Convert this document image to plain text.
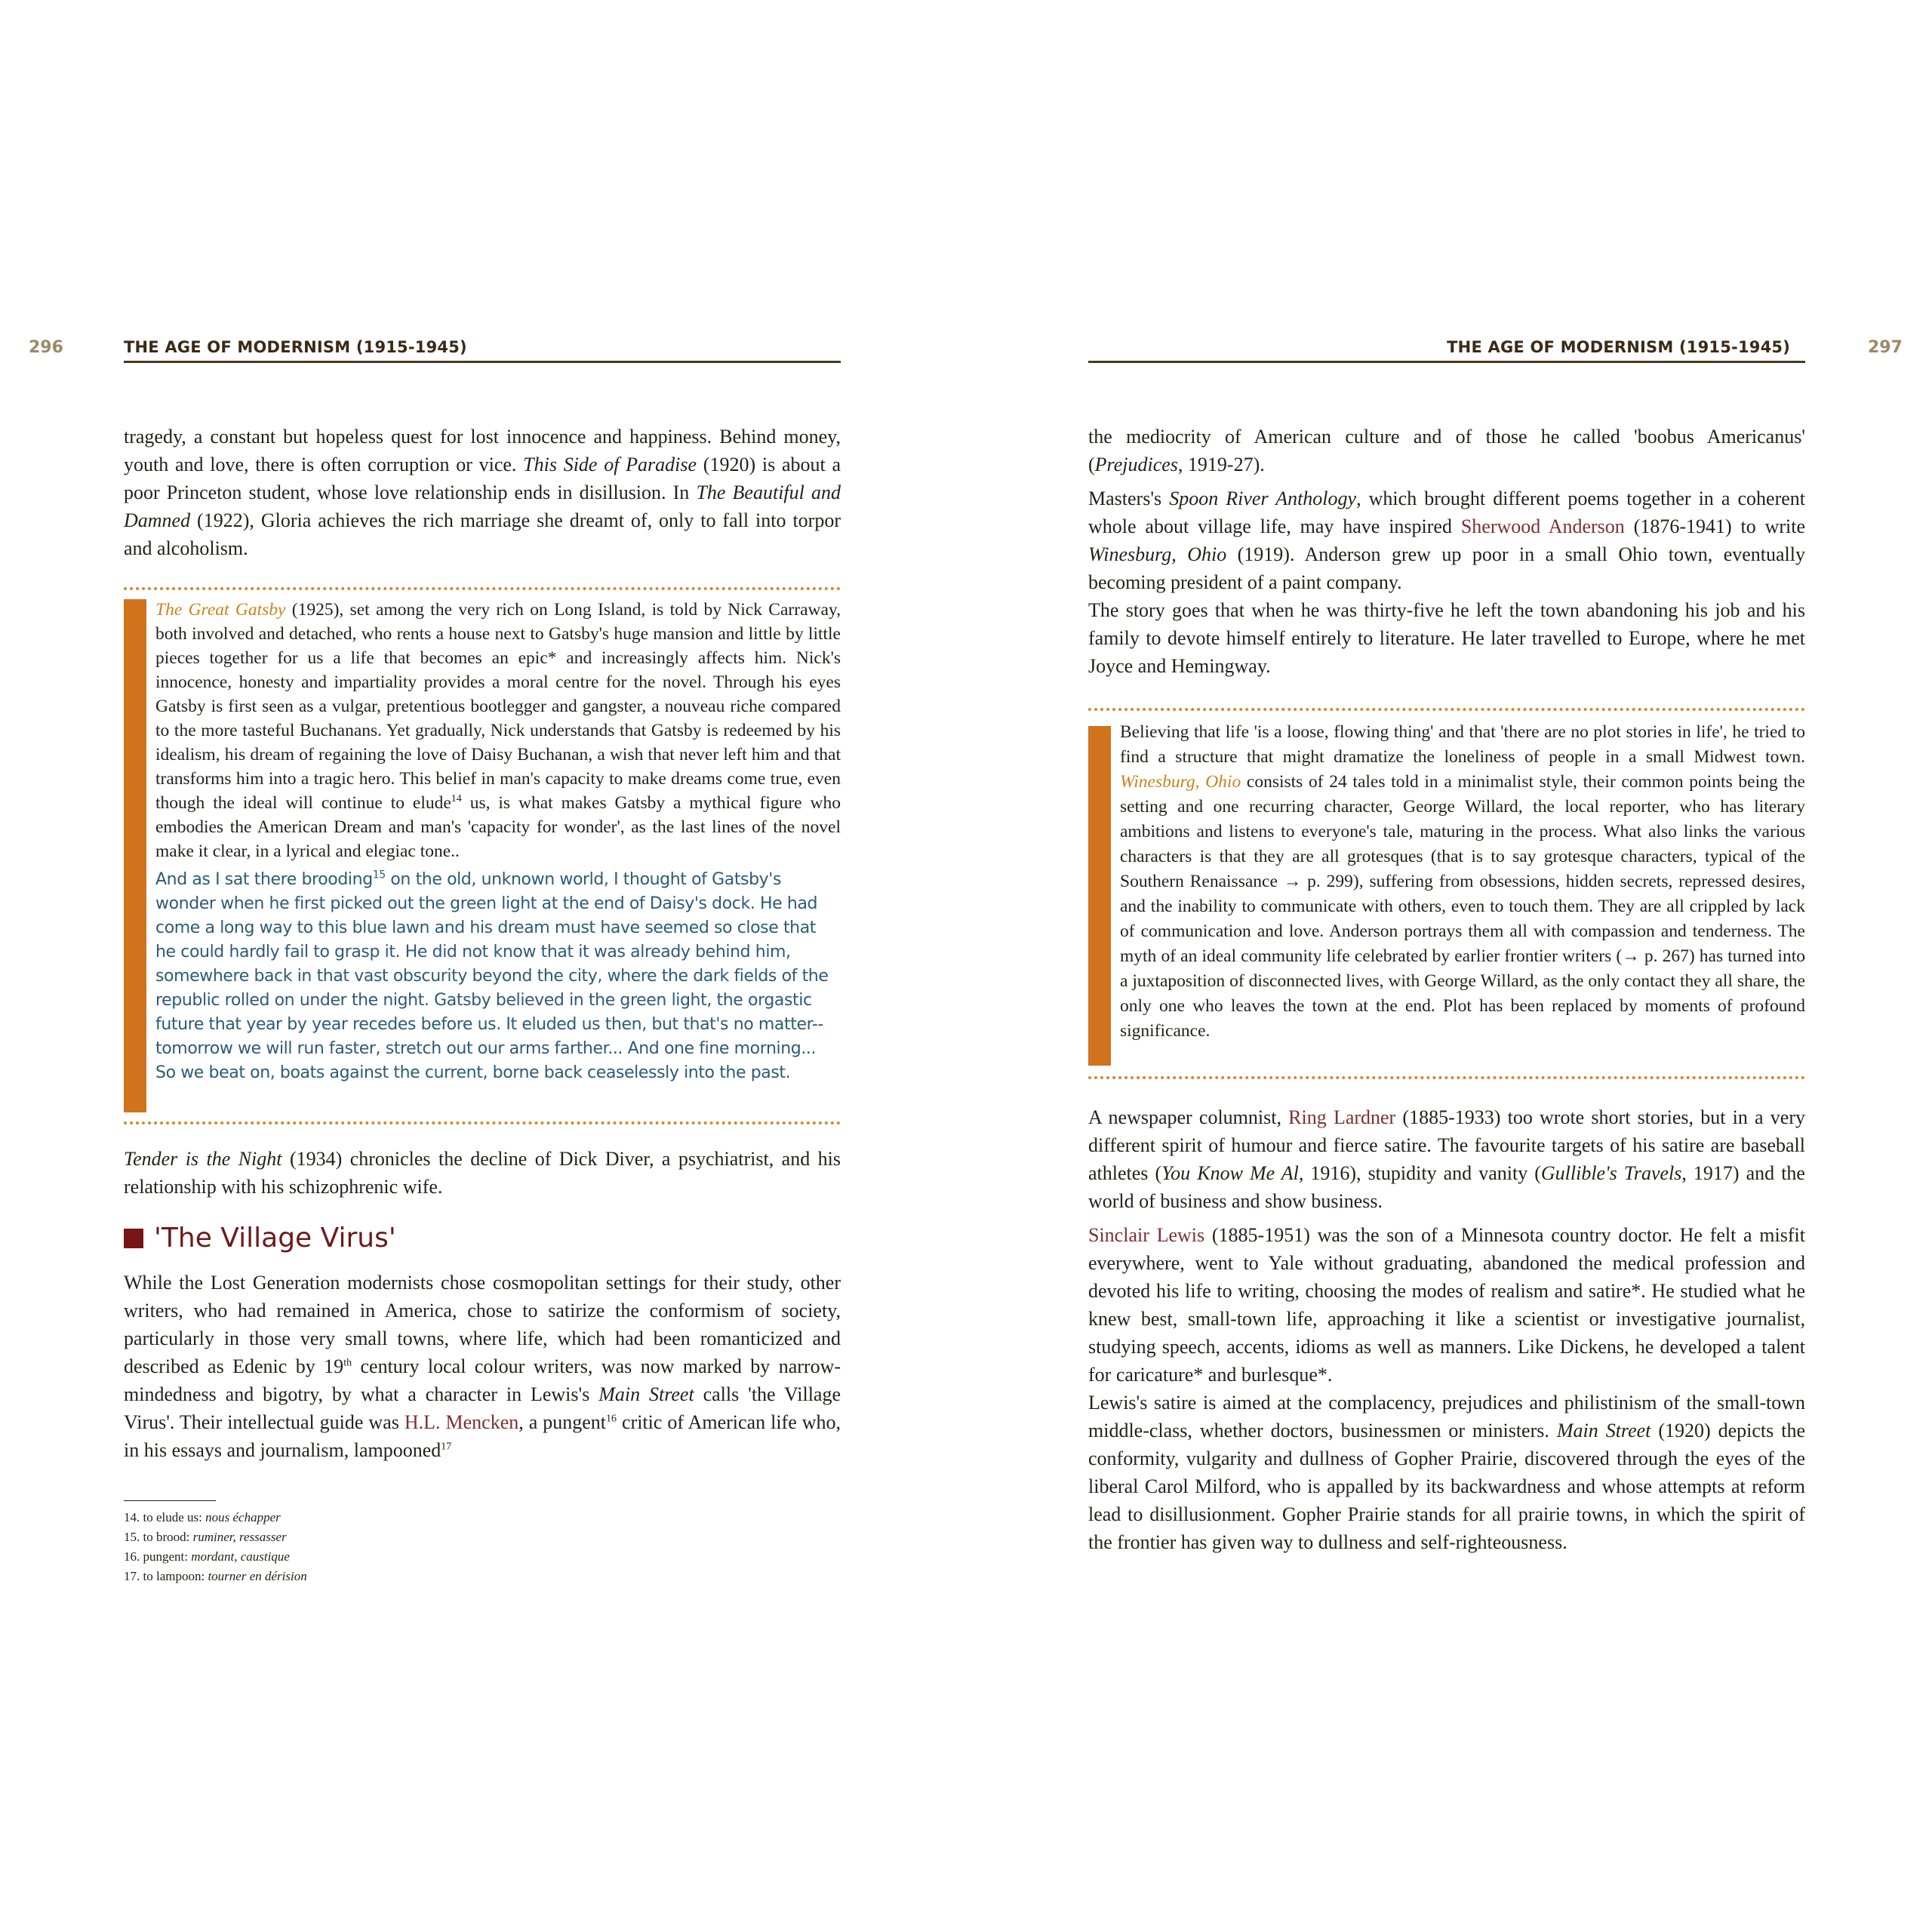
296	THE AGE OF MODERNISM (1915-1945)

tragedy, a constant but hopeless quest for lost innocence and happiness. Behind money, youth and love, there is often corruption or vice. This Side of Paradise (1920) is about a poor Princeton student, whose love relationship ends in disillusion. In The Beautiful and Damned (1922), Gloria achieves the rich marriage she dreamt of, only to fall into torpor and alcoholism.

The Great Gatsby (1925), set among the very rich on Long Island, is told by Nick Carraway, both involved and detached, who rents a house next to Gatsby's huge mansion and little by little pieces together for us a life that becomes an epic* and increasingly affects him. Nick's innocence, honesty and impartiality provides a moral centre for the novel. Through his eyes Gatsby is first seen as a vulgar, pretentious bootlegger and gangster, a nouveau riche compared to the more tasteful Buchanans. Yet gradually, Nick understands that Gatsby is redeemed by his idealism, his dream of regaining the love of Daisy Buchanan, a wish that never left him and that transforms him into a tragic hero. This belief in man's capacity to make dreams come true, even though the ideal will continue to elude$^{14}$ us, is what makes Gatsby a mythical figure who embodies the American Dream and man's 'capacity for wonder', as the last lines of the novel make it clear, in a lyrical and elegiac tone..

And as I sat there brooding$^{15}$ on the old, unknown world, I thought of Gatsby's wonder when he first picked out the green light at the end of Daisy's dock. He had come a long way to this blue lawn and his dream must have seemed so close that he could hardly fail to grasp it. He did not know that it was already behind him, somewhere back in that vast obscurity beyond the city, where the dark fields of the republic rolled on under the night. Gatsby believed in the green light, the orgastic future that year by year recedes before us. It eluded us then, but that's no matter--tomorrow we will run faster, stretch out our arms farther... And one fine morning...
So we beat on, boats against the current, borne back ceaselessly into the past.

Tender is the Night (1934) chronicles the decline of Dick Diver, a psychiatrist, and his relationship with his schizophrenic wife.

'The Village Virus'

While the Lost Generation modernists chose cosmopolitan settings for their study, other writers, who had remained in America, chose to satirize the conformism of society, particularly in those very small towns, where life, which had been romanticized and described as Edenic by 19th century local colour writers, was now marked by narrow-mindedness and bigotry, by what a character in Lewis's Main Street calls 'the Village Virus'. Their intellectual guide was H.L. Mencken, a pungent$^{16}$ critic of American life who, in his essays and journalism, lampooned$^{17}$

14. to elude us: nous échapper
15. to brood: ruminer, ressasser
16. pungent: mordant, caustique
17. to lampoon: tourner en dérision
THE AGE OF MODERNISM (1915-1945)	297

the mediocrity of American culture and of those he called 'boobus Americanus' (Prejudices, 1919-27).

Masters's Spoon River Anthology, which brought different poems together in a coherent whole about village life, may have inspired Sherwood Anderson (1876-1941) to write Winesburg, Ohio (1919). Anderson grew up poor in a small Ohio town, eventually becoming president of a paint company.

The story goes that when he was thirty-five he left the town abandoning his job and his family to devote himself entirely to literature. He later travelled to Europe, where he met Joyce and Hemingway.

Believing that life 'is a loose, flowing thing' and that 'there are no plot stories in life', he tried to find a structure that might dramatize the loneliness of people in a small Midwest town. Winesburg, Ohio consists of 24 tales told in a minimalist style, their common points being the setting and one recurring character, George Willard, the local reporter, who has literary ambitions and listens to everyone's tale, maturing in the process. What also links the various characters is that they are all grotesques (that is to say grotesque characters, typical of the Southern Renaissance → p. 299), suffering from obsessions, hidden secrets, repressed desires, and the inability to communicate with others, even to touch them. They are all crippled by lack of communication and love. Anderson portrays them all with compassion and tenderness. The myth of an ideal community life celebrated by earlier frontier writers (→ p. 267) has turned into a juxtaposition of disconnected lives, with George Willard, as the only contact they all share, the only one who leaves the town at the end. Plot has been replaced by moments of profound significance.

A newspaper columnist, Ring Lardner (1885-1933) too wrote short stories, but in a very different spirit of humour and fierce satire. The favourite targets of his satire are baseball athletes (You Know Me Al, 1916), stupidity and vanity (Gullible's Travels, 1917) and the world of business and show business.

Sinclair Lewis (1885-1951) was the son of a Minnesota country doctor. He felt a misfit everywhere, went to Yale without graduating, abandoned the medical profession and devoted his life to writing, choosing the modes of realism and satire*. He studied what he knew best, small-town life, approaching it like a scientist or investigative journalist, studying speech, accents, idioms as well as manners. Like Dickens, he developed a talent for caricature* and burlesque*.

Lewis's satire is aimed at the complacency, prejudices and philistinism of the small-town middle-class, whether doctors, businessmen or ministers. Main Street (1920) depicts the conformity, vulgarity and dullness of Gopher Prairie, discovered through the eyes of the liberal Carol Milford, who is appalled by its backwardness and whose attempts at reform lead to disillusionment. Gopher Prairie stands for all prairie towns, in which the spirit of the frontier has given way to dullness and self-righteousness.
